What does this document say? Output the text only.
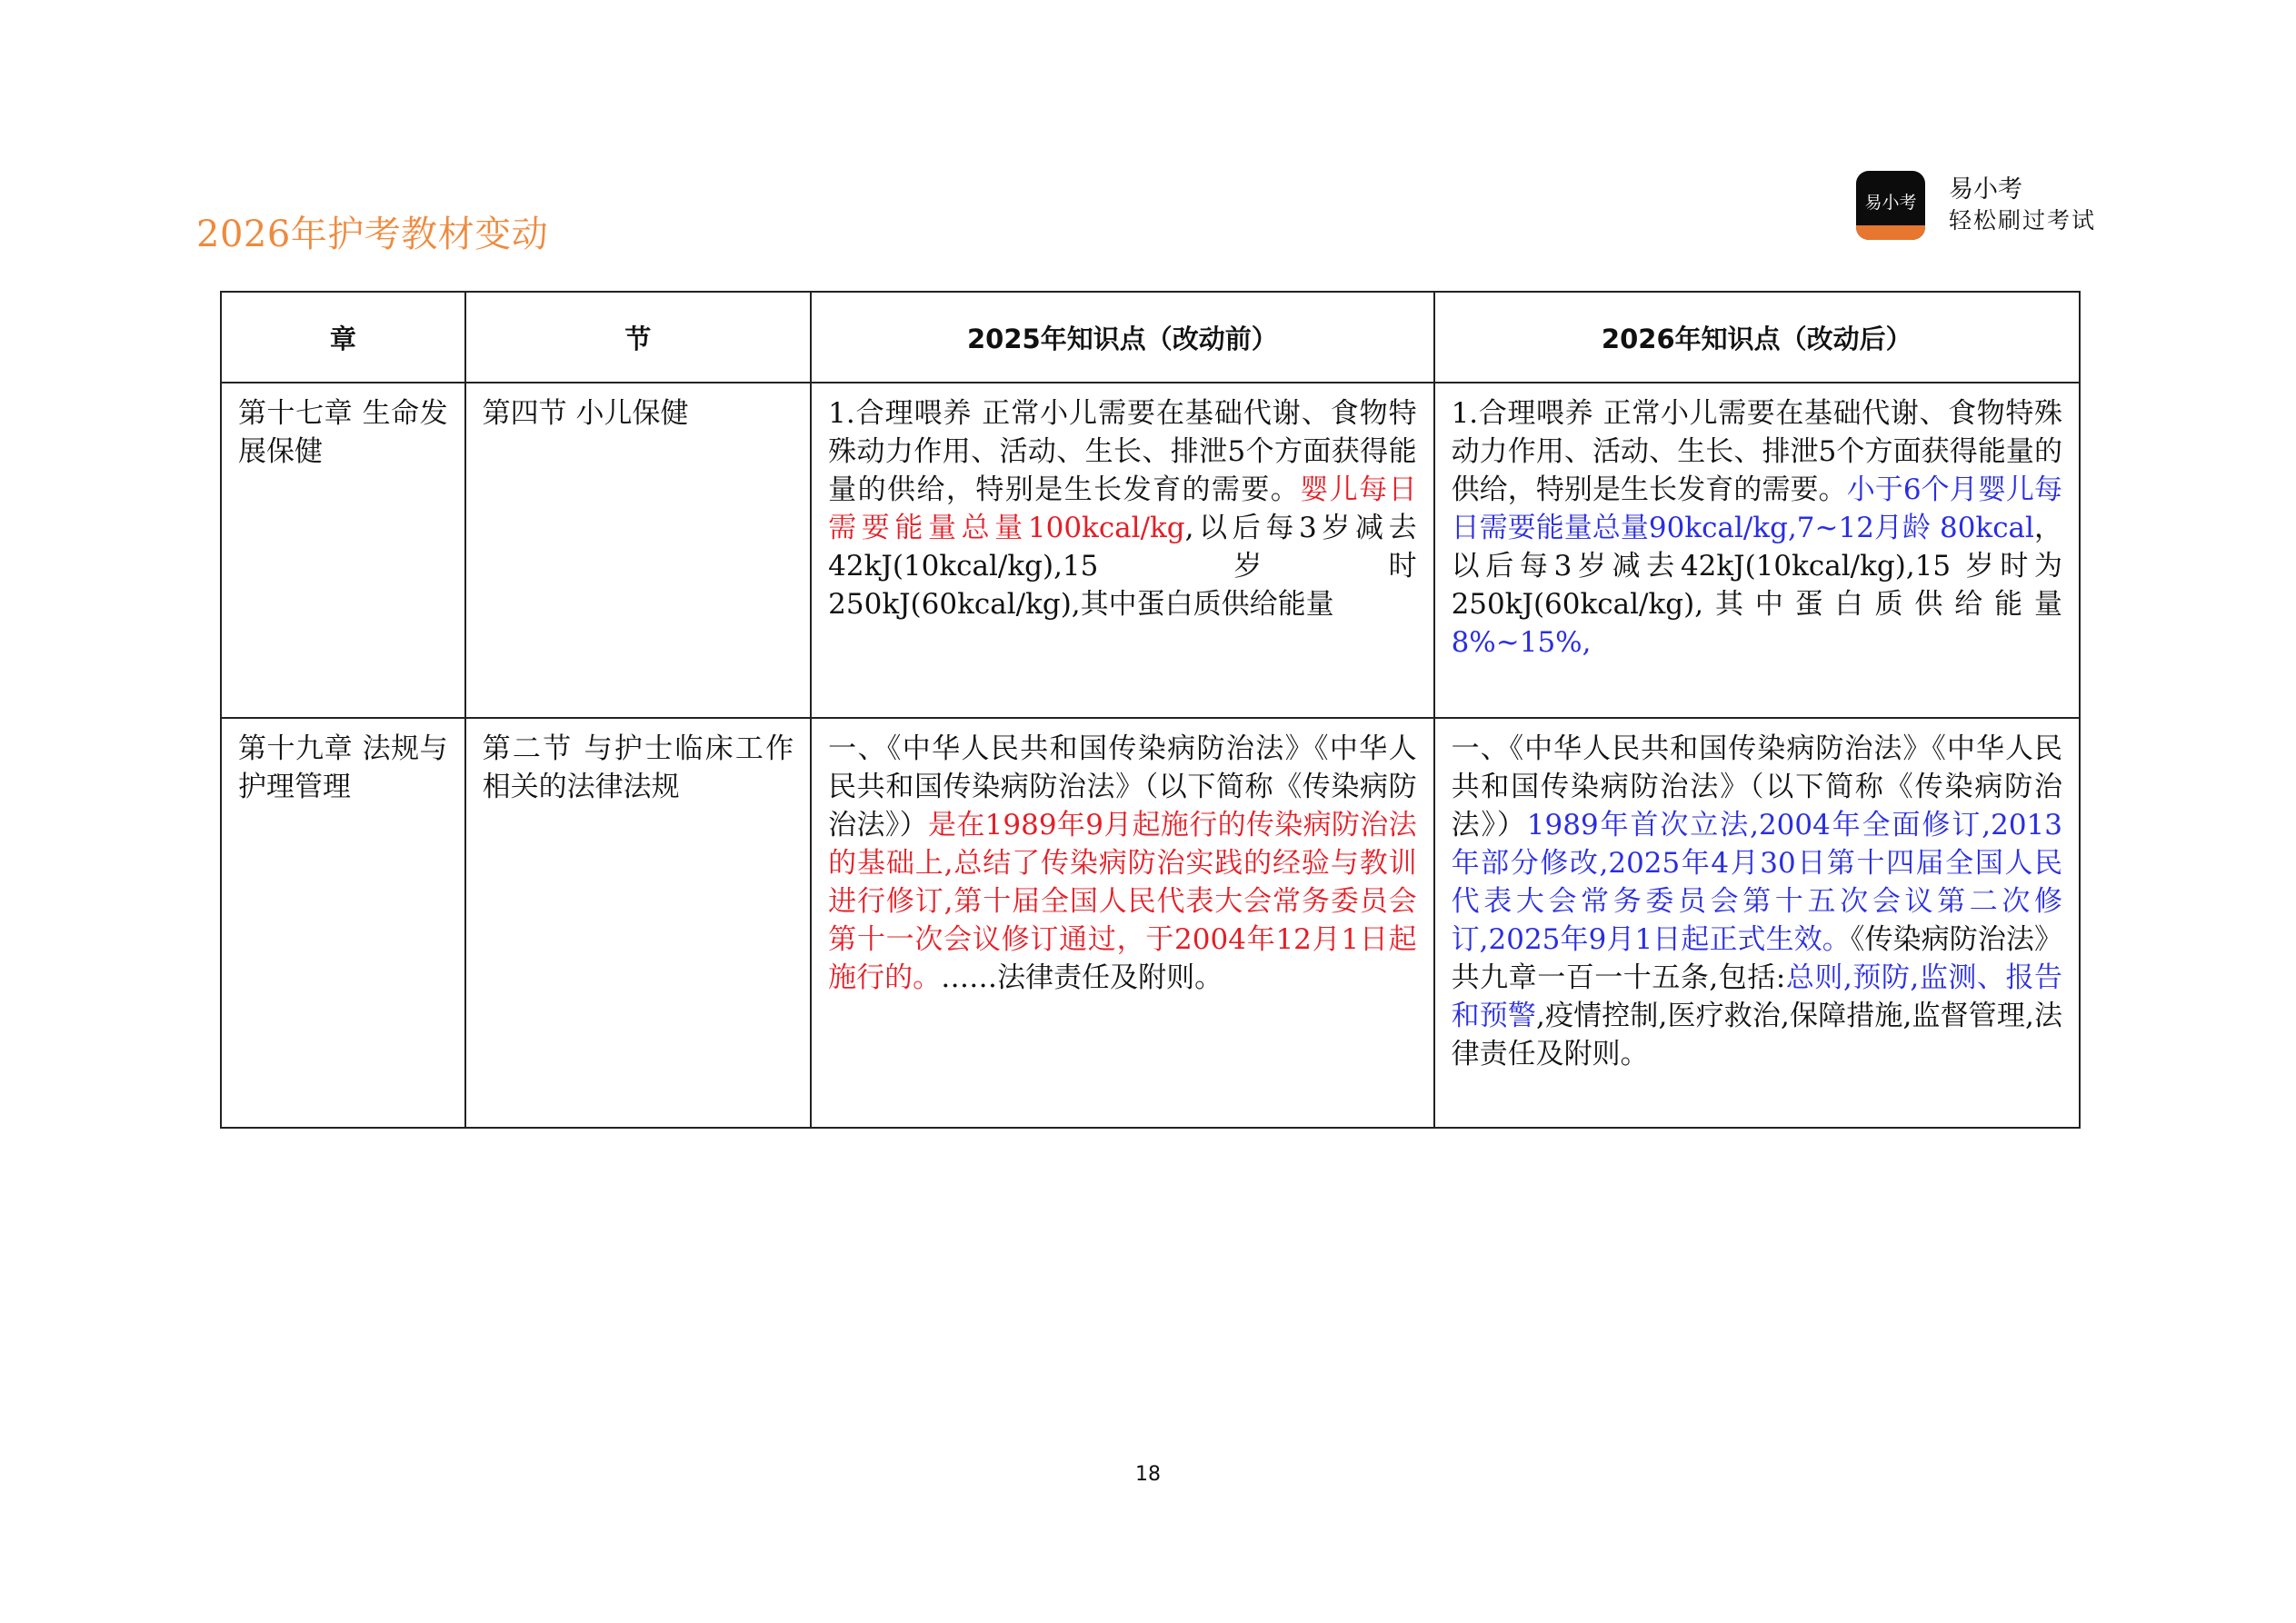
2026年护考教材变动
易小考	易小考
轻松刷过考试
章	节	2025年知识点（改动前）	2026年知识点（改动后）
第十七章 生命发展保健	第四节 小儿保健	1.合理喂养 正常小儿需要在基础代谢、食物特殊动力作用、活动、生长、排泄5个方面获得能量的供给，特别是生长发育的需要。婴儿每日需要能量总量100kcal/kg,以后每3岁减去 42kJ(10kcal/kg),15 岁时 250kJ(60kcal/kg),其中蛋白质供给能量	1.合理喂养 正常小儿需要在基础代谢、食物特殊动力作用、活动、生长、排泄5个方面获得能量的供给，特别是生长发育的需要。小于6个月婴儿每日需要能量总量90kcal/kg,7~12月龄 80kcal，以后每3岁减去42kJ(10kcal/kg),15 岁时为250kJ(60kcal/kg),其中蛋白质供给能量8%~15%,
第十九章 法规与护理管理	第二节 与护士临床工作相关的法律法规	一、《中华人民共和国传染病防治法》《中华人民共和国传染病防治法》（以下简称《传染病防治法》）是在1989年9月起施行的传染病防治法的基础上,总结了传染病防治实践的经验与教训进行修订,第十届全国人民代表大会常务委员会第十一次会议修订通过，于2004年12月1日起施行的。……法律责任及附则。	一、《中华人民共和国传染病防治法》《中华人民共和国传染病防治法》（以下简称《传染病防治法》）1989年首次立法,2004年全面修订,2013年部分修改,2025年4月30日第十四届全国人民代表大会常务委员会第十五次会议第二次修订,2025年9月1日起正式生效。《传染病防治法》共九章一百一十五条,包括:总则,预防,监测、报告和预警,疫情控制,医疗救治,保障措施,监督管理,法律责任及附则。
18
